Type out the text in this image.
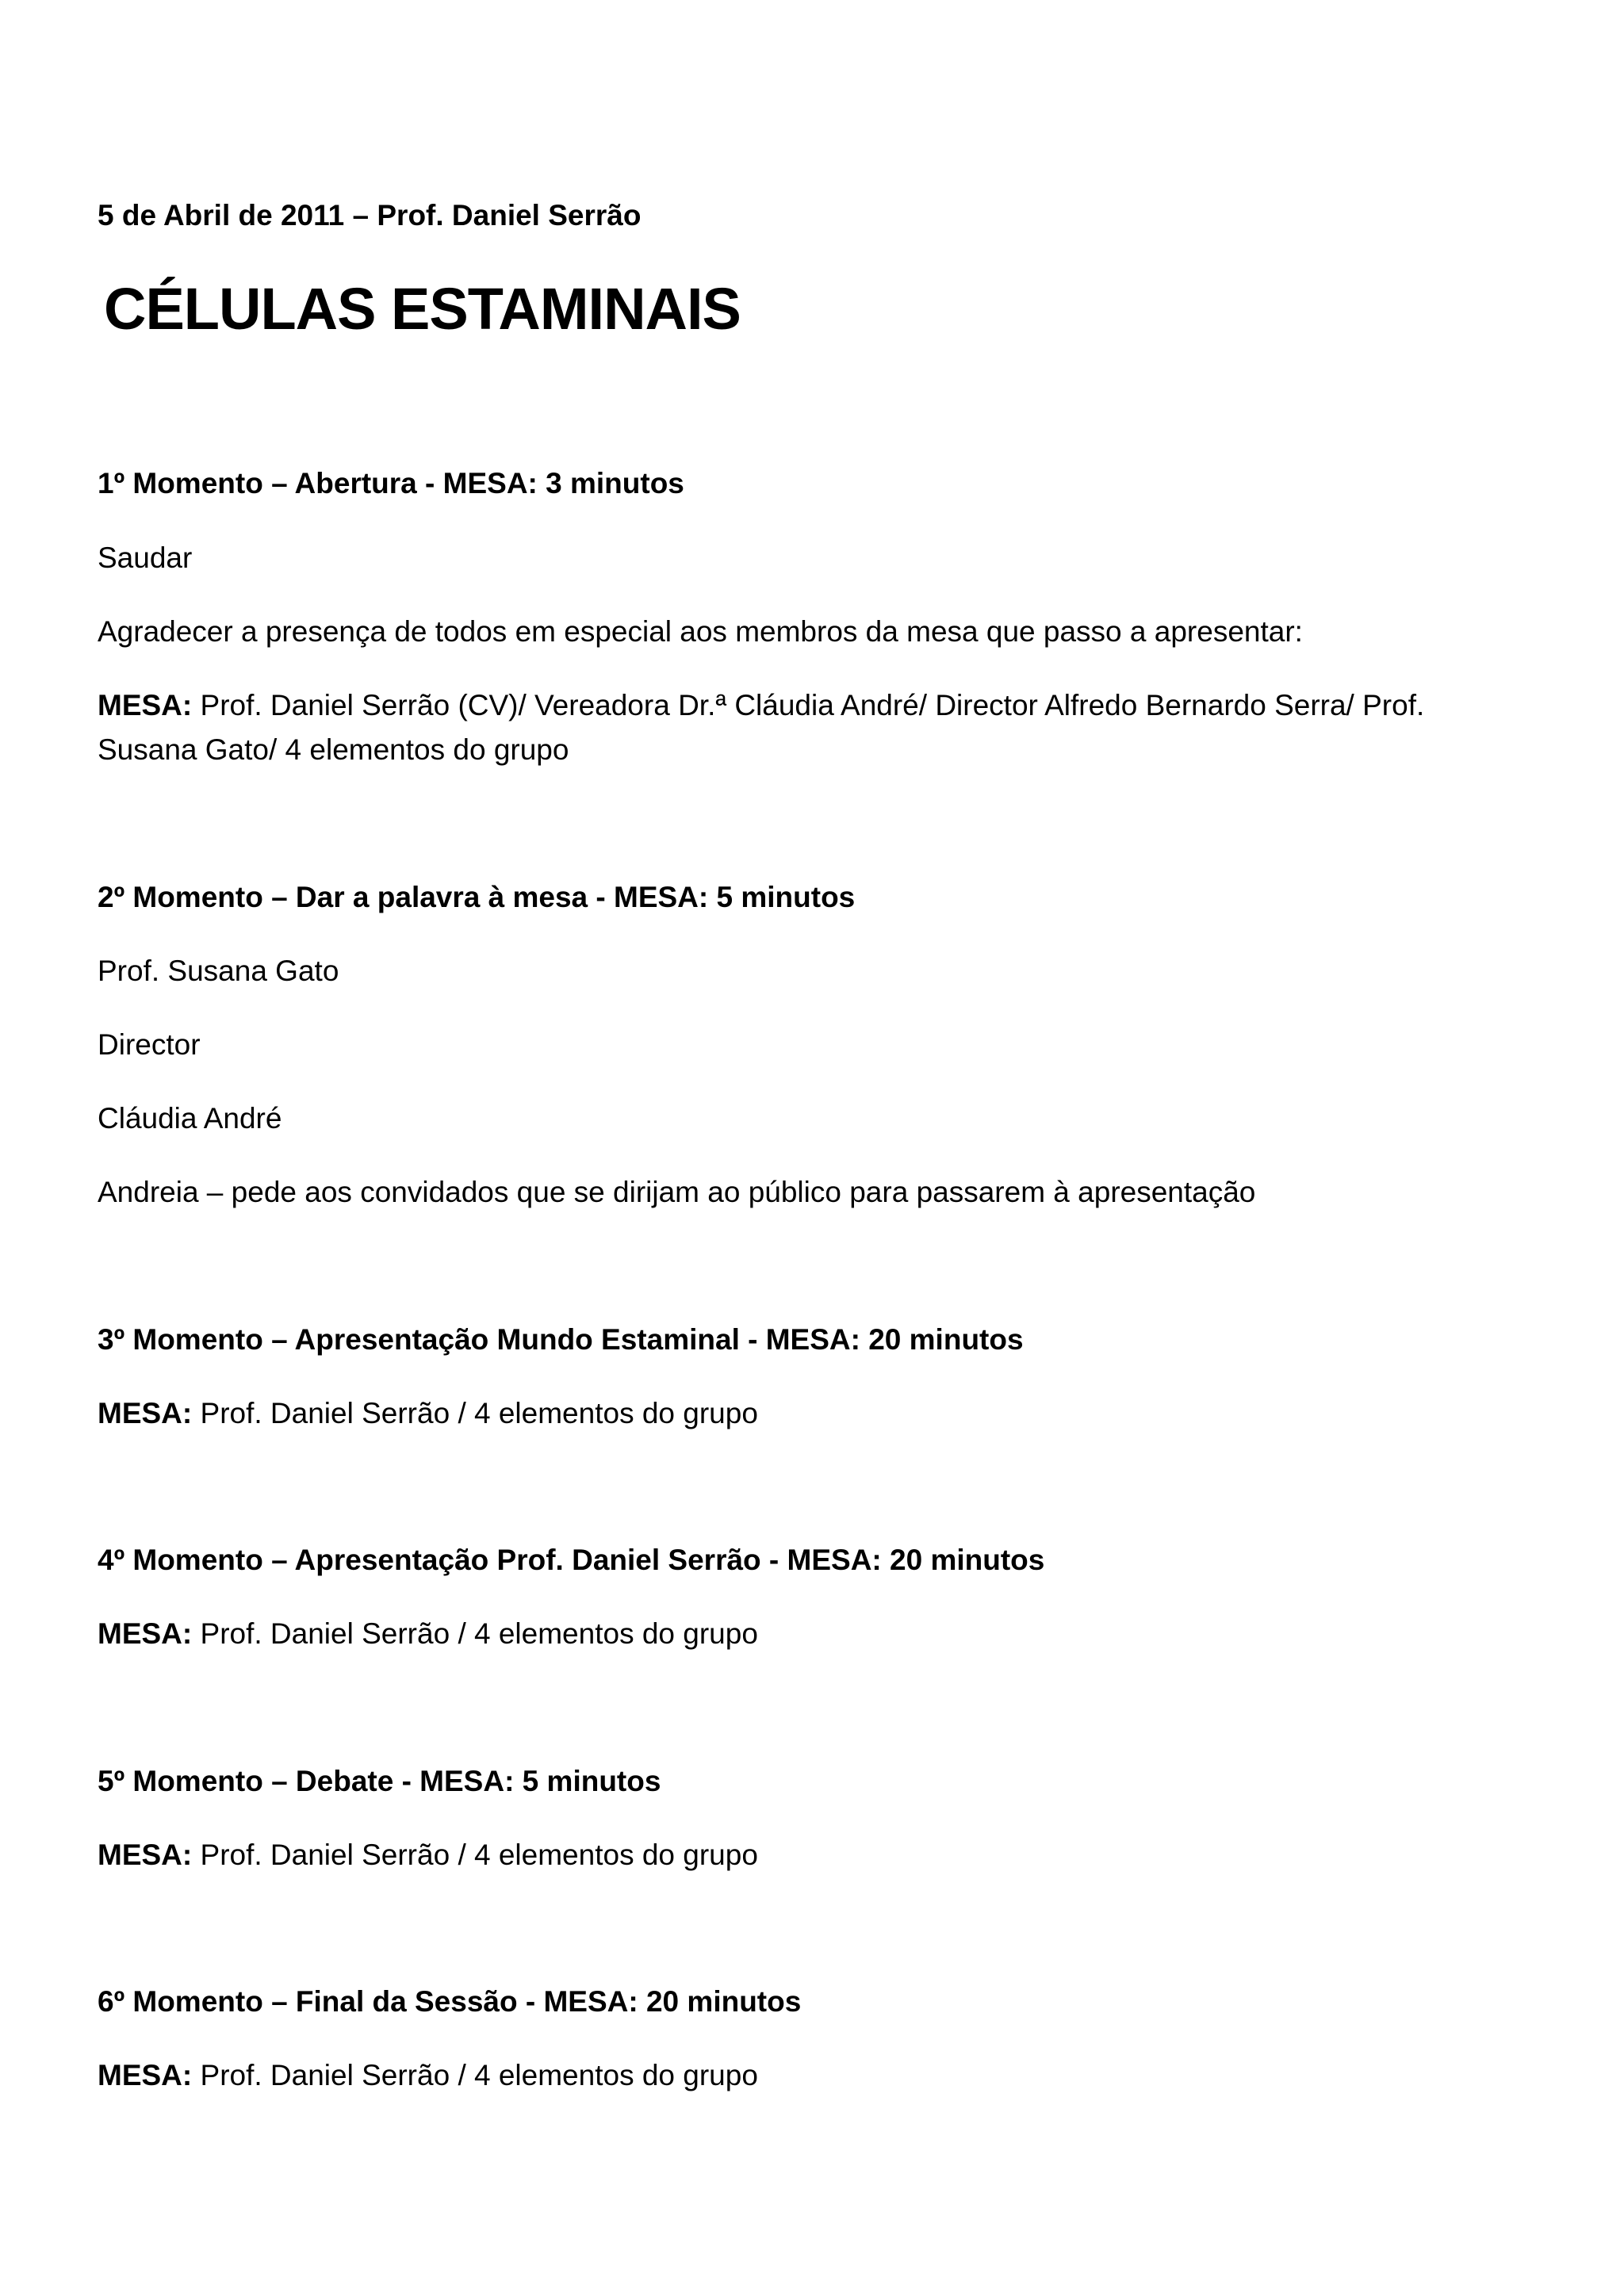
5 de Abril de 2011 – Prof. Daniel Serrão
CÉLULAS ESTAMINAIS
1º Momento – Abertura - MESA: 3 minutos
Saudar
Agradecer a presença de todos em especial aos membros da mesa que passo a apresentar:
MESA: Prof. Daniel Serrão (CV)/ Vereadora Dr.ª Cláudia André/ Director Alfredo Bernardo Serra/ Prof.
Susana Gato/ 4 elementos do grupo
2º Momento – Dar a palavra à mesa - MESA: 5 minutos
Prof. Susana Gato
Director
Cláudia André
Andreia – pede aos convidados que se dirijam ao público para passarem à apresentação
3º Momento – Apresentação Mundo Estaminal - MESA: 20 minutos
MESA: Prof. Daniel Serrão / 4 elementos do grupo
4º Momento – Apresentação Prof. Daniel Serrão - MESA: 20 minutos
MESA: Prof. Daniel Serrão / 4 elementos do grupo
5º Momento – Debate - MESA: 5 minutos
MESA: Prof. Daniel Serrão / 4 elementos do grupo
6º Momento – Final da Sessão - MESA: 20 minutos
MESA: Prof. Daniel Serrão / 4 elementos do grupo
